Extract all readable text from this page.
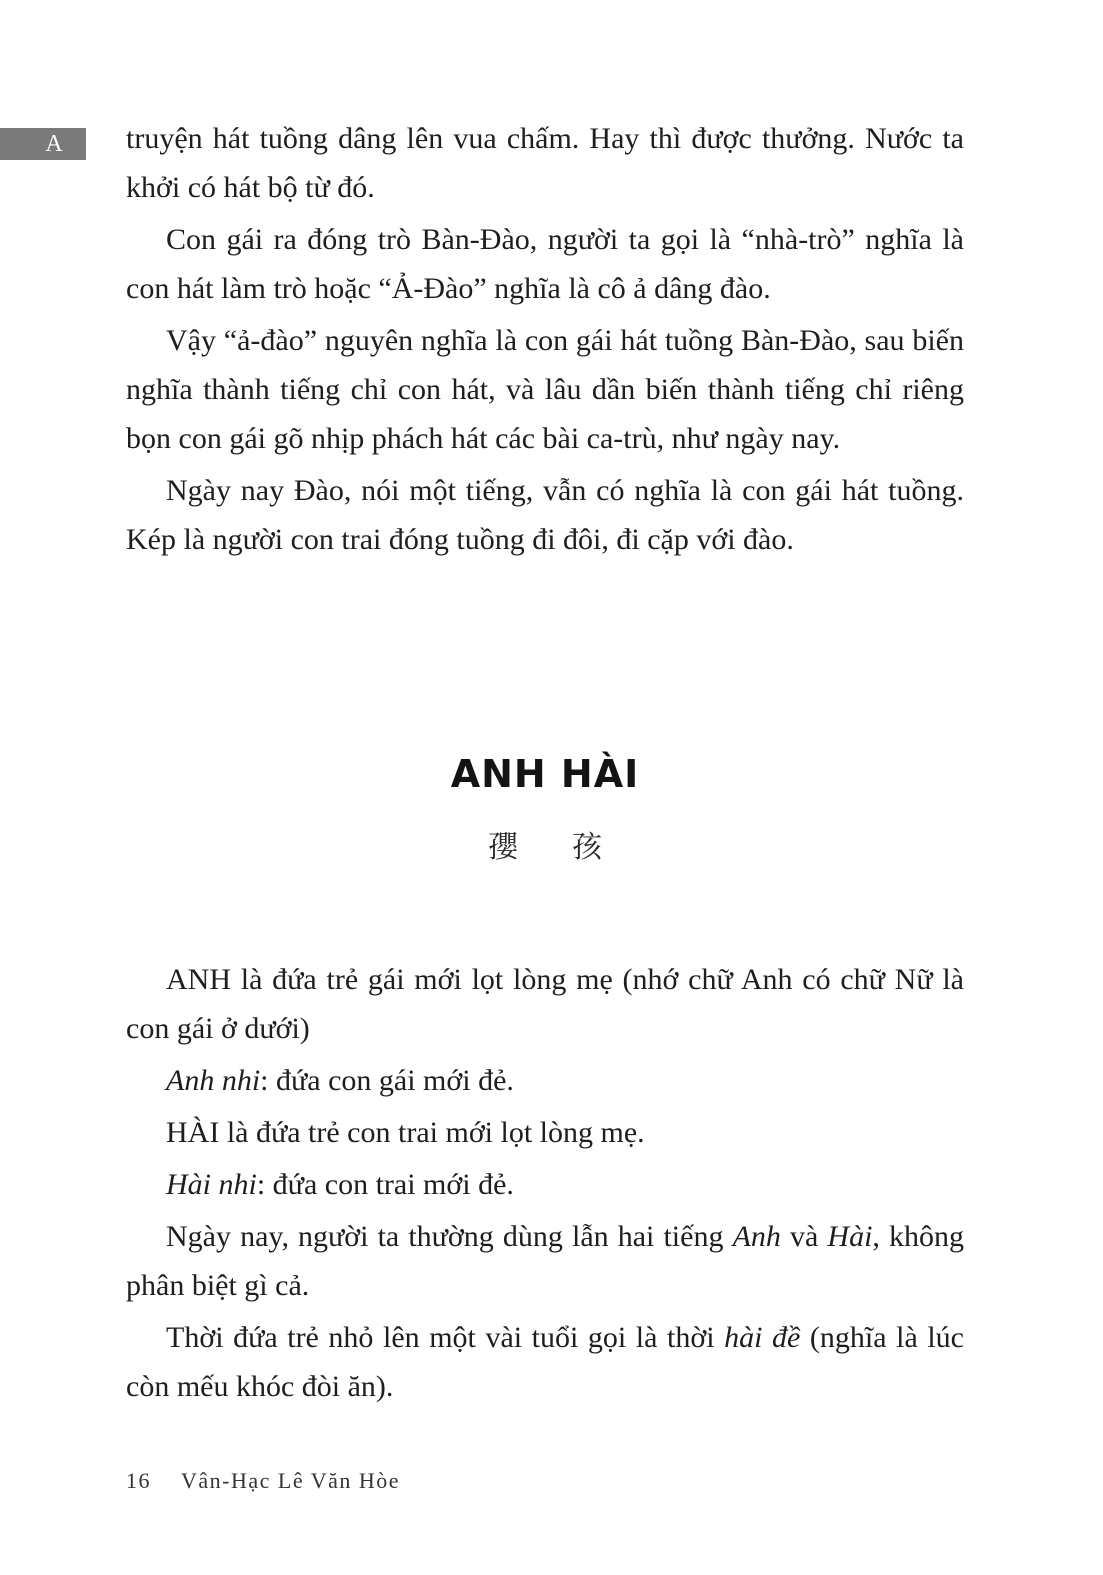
A	truyện hát tuồng dâng lên vua chấm. Hay thì được thưởng. Nước ta khởi có hát bộ từ đó.

Con gái ra đóng trò Bàn-Đào, người ta gọi là “nhà-trò” nghĩa là con hát làm trò hoặc “Ả-Đào” nghĩa là cô ả dâng đào.

Vậy “ả-đào” nguyên nghĩa là con gái hát tuồng Bàn-Đào, sau biến nghĩa thành tiếng chỉ con hát, và lâu dần biến thành tiếng chỉ riêng bọn con gái gõ nhịp phách hát các bài ca-trù, như ngày nay.

Ngày nay Đào, nói một tiếng, vẫn có nghĩa là con gái hát tuồng. Kép là người con trai đóng tuồng đi đôi, đi cặp với đào.

ANH HÀI
孾孩

ANH là đứa trẻ gái mới lọt lòng mẹ (nhớ chữ Anh có chữ Nữ là con gái ở dưới)

Anh nhi: đứa con gái mới đẻ.

HÀI là đứa trẻ con trai mới lọt lòng mẹ.

Hài nhi: đứa con trai mới đẻ.

Ngày nay, người ta thường dùng lẫn hai tiếng Anh và Hài, không phân biệt gì cả.

Thời đứa trẻ nhỏ lên một vài tuổi gọi là thời hài đề (nghĩa là lúc còn mếu khóc đòi ăn).

16 Vân-Hạc Lê Văn Hòe
